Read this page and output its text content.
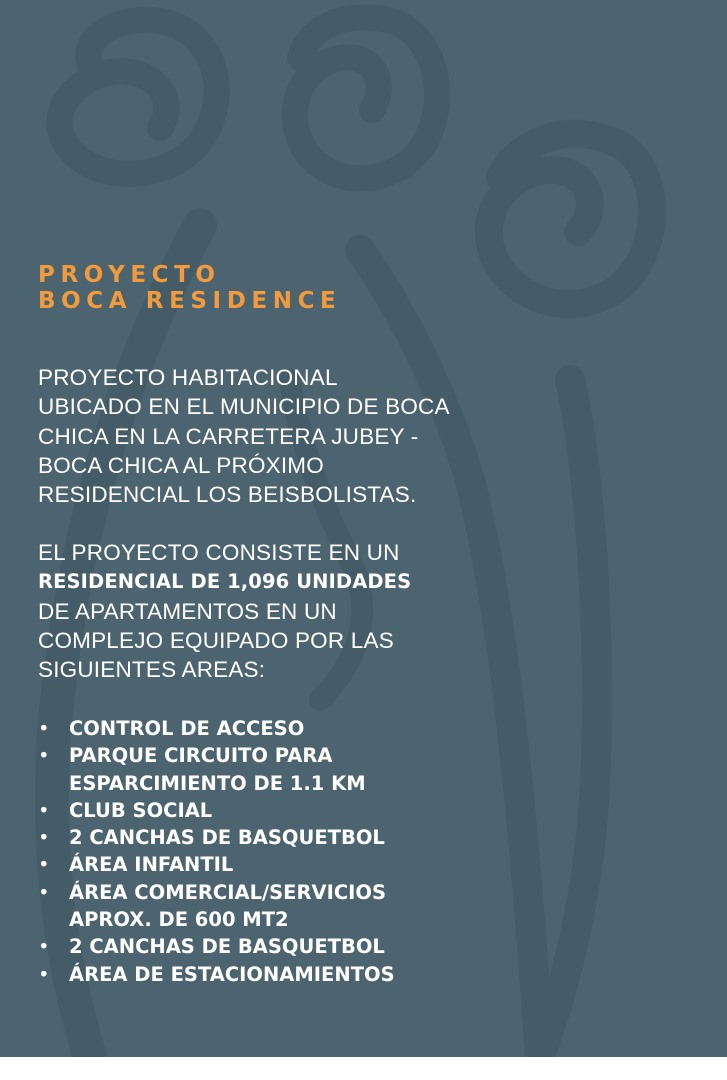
PROYECTO
BOCA RESIDENCE
PROYECTO HABITACIONAL
UBICADO EN EL MUNICIPIO DE BOCA
CHICA EN LA CARRETERA JUBEY -
BOCA CHICA AL PRÓXIMO
RESIDENCIAL LOS BEISBOLISTAS.
EL PROYECTO CONSISTE EN UN
RESIDENCIAL DE 1,096 UNIDADES
DE APARTAMENTOS EN UN
COMPLEJO EQUIPADO POR LAS
SIGUIENTES AREAS:
• CONTROL DE ACCESO
• PARQUE CIRCUITO PARA
ESPARCIMIENTO DE 1.1 KM
• CLUB SOCIAL
• 2 CANCHAS DE BASQUETBOL
• ÁREA INFANTIL
• ÁREA COMERCIAL/SERVICIOS
APROX. DE 600 MT2
• 2 CANCHAS DE BASQUETBOL
• ÁREA DE ESTACIONAMIENTOS
